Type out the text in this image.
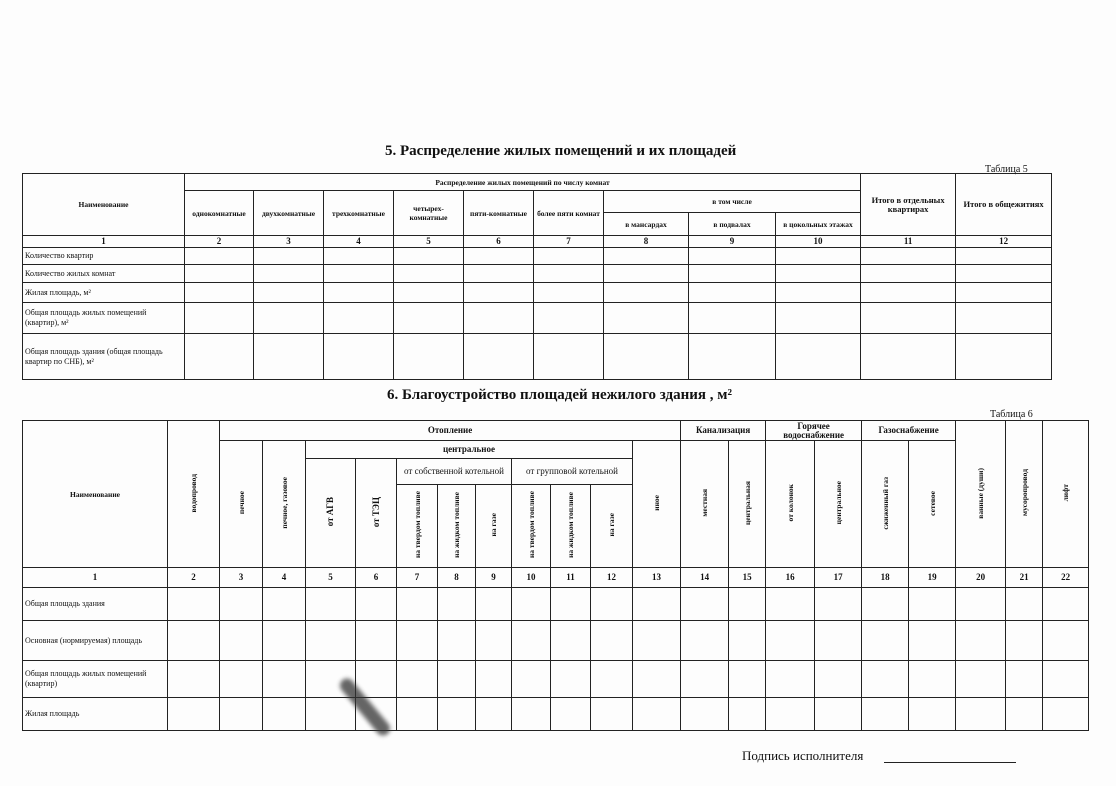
5. Распределение жилых помещений и их площадей
Таблица 5
Наименование	Распределение жилых помещений по числу комнат									Итого в отдельных квартирах	Итого в общежитиях
	однокомнатные	двухкомнатные	трехкомнатные	четырех-комнатные	пяти-комнатные	более пяти комнат	в том числе				
							в мансардах	в подвалах	в цокольных этажах		
1	2	3	4	5	6	7	8	9	10	11	12
Количество квартир											
Количество жилых комнат											
Жилая площадь, м²											
Общая площадь жилых помещений (квартир), м²											
Общая площадь здания (общая площадь квартир по СНБ), м²											
6. Благоустройство площадей нежилого здания , м²
Таблица 6
Наименование	водопровод	Отопление											Канализация		Горячее водоснабжение		Газоснабжение		ванные (души)	мусоропровод	лифт
		печное	печное, газовое	центральное								иное	местная	центральная	от колонок	центральное	сжиженный газ	сетевое			

				от АГВ	от ТЭЦ	от собственной котельной			от групповой котельной												
						на твердом топливе	на жидком топливе	на газе	на твердом топливе	на жидком топливе	на газе										
1	2	3	4	5	6	7	8	9	10	11	12	13	14	15	16	17	18	19	20	21	22
Общая площадь здания																					
Основная (нормируемая) площадь																					
Общая площадь жилых помещений (квартир)																					
Жилая площадь																					
Подпись исполнителя
